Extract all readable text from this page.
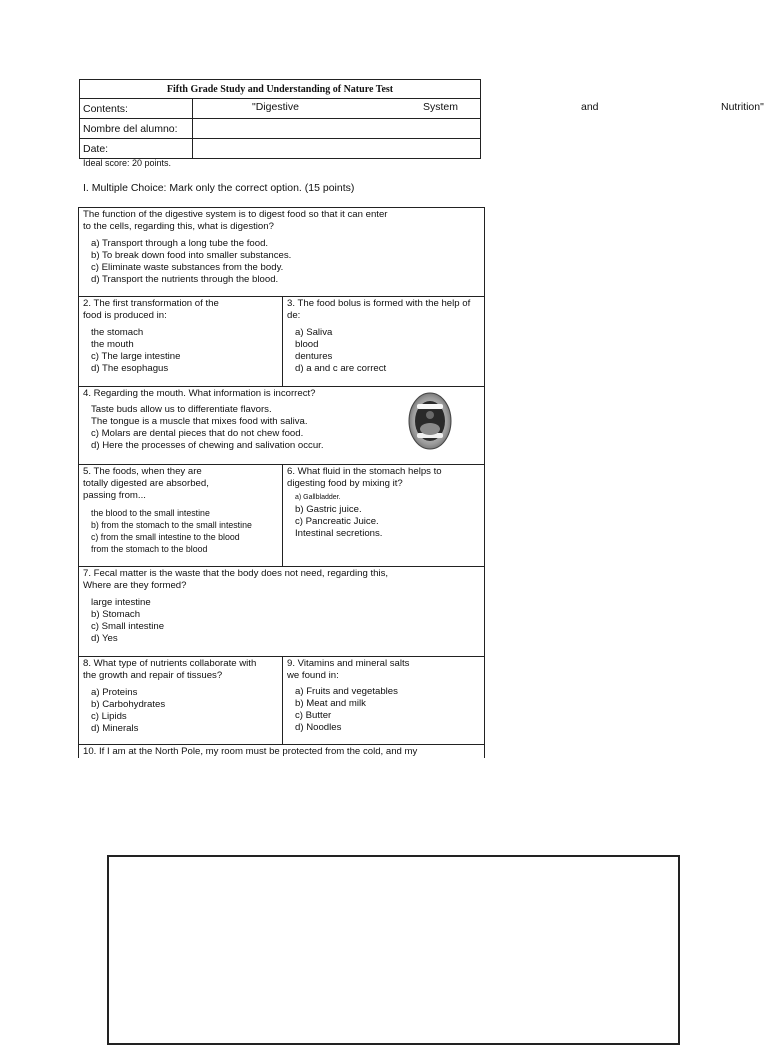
Fifth Grade Study and Understanding of Nature Test	
Contents:	
Nombre del alumno:	
Date:	
"Digestive	System	and	Nutrition"
Ideal score: 20 points.
I. Multiple Choice: Mark only the correct option. (15 points)

The function of the digestive system is to digest food so that it can enter

to the cells, regarding this, what is digestion?

a) Transport through a long tube the food.
b) To break down food into smaller substances.
c) Eliminate waste substances from the body.
d) Transport the nutrients through the blood.

2. The first transformation of the

food is produced in:

the stomach
the mouth
c) The large intestine
d) The esophagus

3. The food bolus is formed with the help of

de:

a) Saliva
blood
dentures
d) a and c are correct

4. Regarding the mouth. What information is incorrect?

Taste buds allow us to differentiate flavors.
The tongue is a muscle that mixes food with saliva.
c) Molars are dental pieces that do not chew food.
d) Here the processes of chewing and salivation occur.

5. The foods, when they are

totally digested are absorbed,

passing from...

the blood to the small intestine
b) from the stomach to the small intestine
c) from the small intestine to the blood
from the stomach to the blood

6. What fluid in the stomach helps to

digesting food by mixing it?

a) Gallbladder.
b) Gastric juice.
c) Pancreatic Juice.
Intestinal secretions.

7. Fecal matter is the waste that the body does not need, regarding this,

Where are they formed?

large intestine
b) Stomach
c) Small intestine
d) Yes

8. What type of nutrients collaborate with

the growth and repair of tissues?

a) Proteins
b) Carbohydrates
c) Lipids
d) Minerals

9. Vitamins and mineral salts

we found in:

a) Fruits and vegetables
b) Meat and milk
c) Butter
d) Noodles

10. If I am at the North Pole, my room must be protected from the cold, and my
